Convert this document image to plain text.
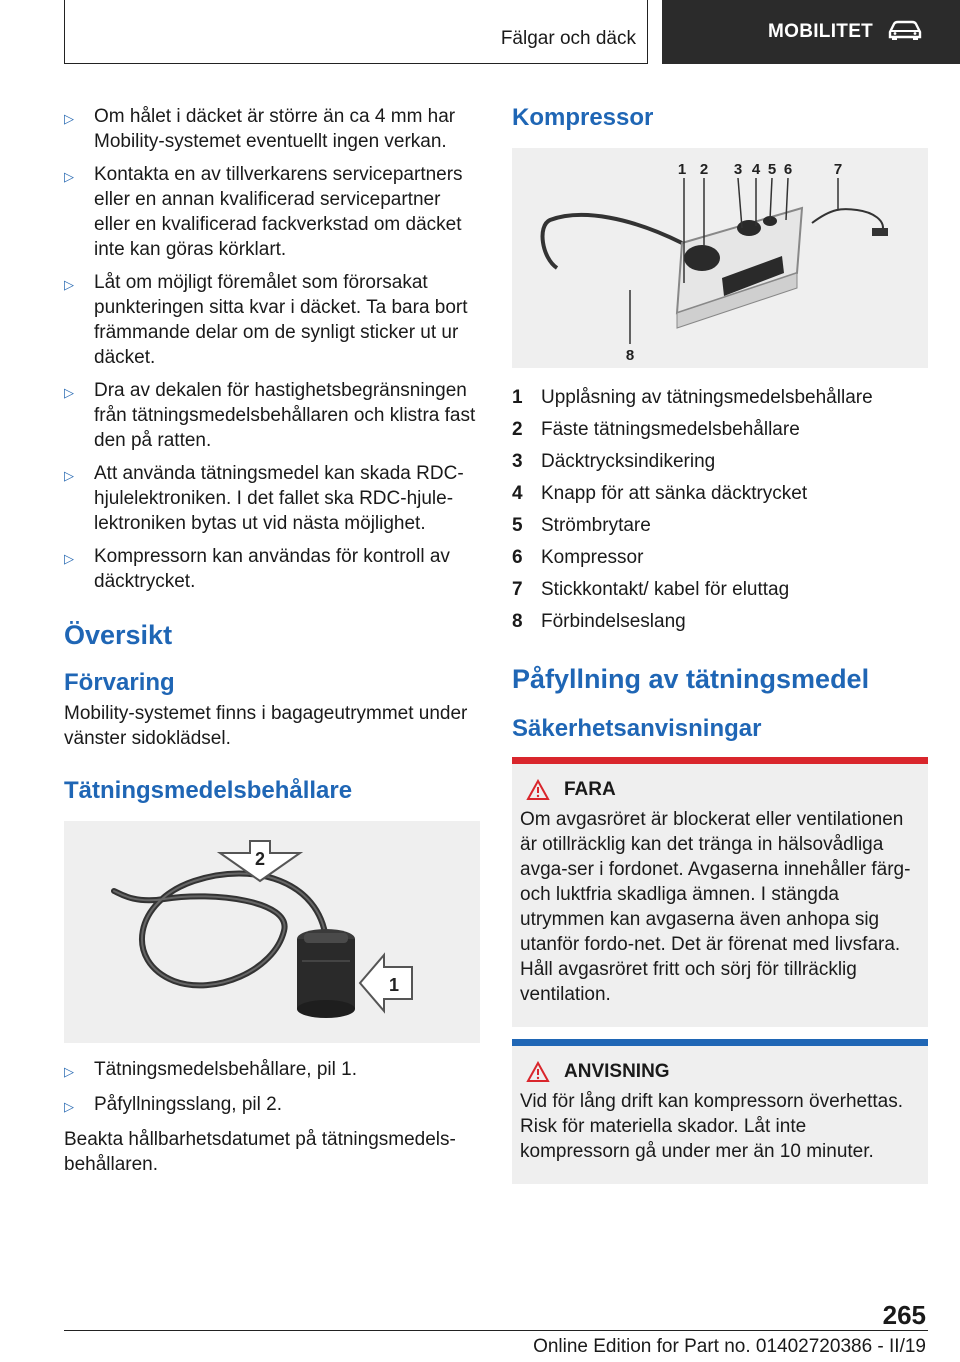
Fälgar och däck	MOBILITET
▷	Om hålet i däcket är större än ca 4 mm har Mobility-systemet eventuellt ingen verkan.
▷	Kontakta en av tillverkarens servicepartners eller en annan kvalificerad servicepartner eller en kvalificerad fackverkstad om däcket inte kan göras körklart.
▷	Låt om möjligt föremålet som förorsakat punkteringen sitta kvar i däcket. Ta bara bort främmande delar om de synligt sticker ut ur däcket.
▷	Dra av dekalen för hastighetsbegränsningen från tätningsmedelsbehållaren och klistra fast den på ratten.
▷	Att använda tätningsmedel kan skada RDC-hjulelektroniken. I det fallet ska RDC-hjule-lektroniken bytas ut vid nästa möjlighet.
▷	Kompressorn kan användas för kontroll av däcktrycket.
Översikt
Förvaring
Mobility-systemet finns i bagageutrymmet under vänster sidoklädsel.
Tätningsmedelsbehållare
2
1
▷	Tätningsmedelsbehållare, pil 1.
▷	Påfyllningsslang, pil 2.
Beakta hållbarhetsdatumet på tätningsmedels-behållaren.
Kompressor
1 2 3 4 5 6	7
8
1 Upplåsning av tätningsmedelsbehållare
2 Fäste tätningsmedelsbehållare
3 Däcktrycksindikering
4 Knapp för att sänka däcktrycket
5 Strömbrytare
6 Kompressor
7 Stickkontakt/ kabel för eluttag
8 Förbindelseslang
Påfyllning av tätningsmedel
Säkerhetsanvisningar
FARA
Om avgasröret är blockerat eller ventilationen är otillräcklig kan det tränga in hälsovådliga avga-ser i fordonet. Avgaserna innehåller färg- och luktfria skadliga ämnen. I stängda utrymmen kan avgaserna även anhopa sig utanför fordo-net. Det är förenat med livsfara. Håll avgasröret fritt och sörj för tillräcklig ventilation.
ANVISNING
Vid för lång drift kan kompressorn överhettas. Risk för materiella skador. Låt inte kompressorn gå under mer än 10 minuter.
265
Online Edition for Part no. 01402720386 - II/19
